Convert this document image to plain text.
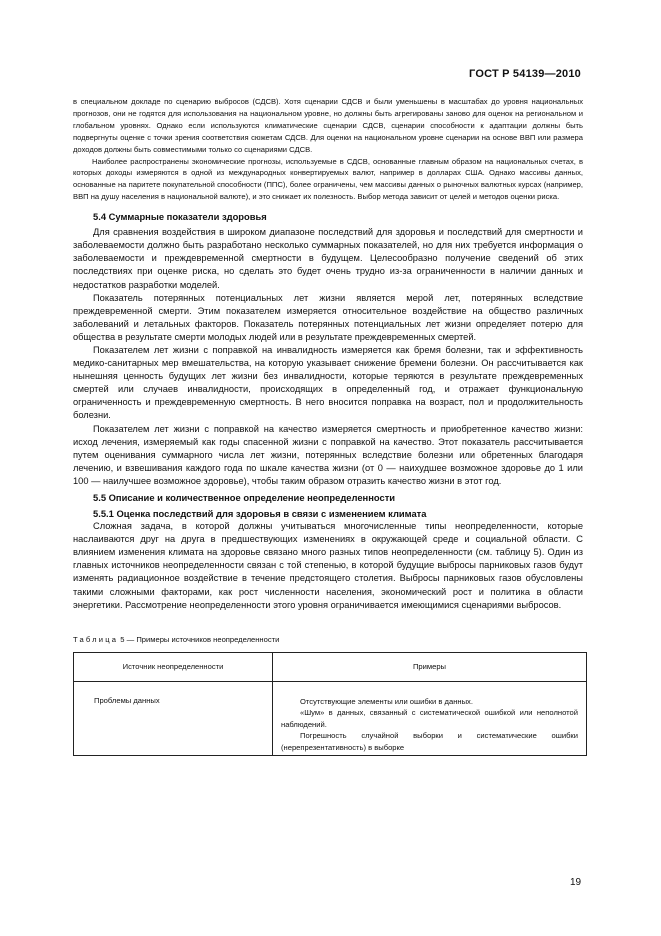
ГОСТ Р 54139—2010

в специальном докладе по сценарию выбросов (СДСВ). Хотя сценарии СДСВ и были уменьшены в масштабах до уровня национальных прогнозов, они не годятся для использования на национальном уровне, но должны быть агрегированы заново для оценок на региональном и глобальном уровнях. Однако если используются климатические сценарии СДСВ, сценарии способности к адаптации должны быть подвергнуты оценке с точки зрения соответствия сюжетам СДСВ. Для оценки на национальном уровне сценарии на основе ВВП или размера доходов должны быть совместимыми только со сценариями СДСВ.

Наиболее распространены экономические прогнозы, используемые в СДСВ, основанные главным образом на национальных счетах, в которых доходы измеряются в одной из международных конвертируемых валют, например в долларах США. Однако массивы данных, основанные на паритете покупательной способности (ППС), более ограничены, чем массивы данных о рыночных валютных курсах (например, ВВП на душу населения в национальной валюте), и это снижает их полезность. Выбор метода зависит от целей и методов оценки риска.

5.4 Суммарные показатели здоровья

Для сравнения воздействия в широком диапазоне последствий для здоровья и последствий для смертности и заболеваемости должно быть разработано несколько суммарных показателей, но для них требуется информация о заболеваемости и преждевременной смертности в будущем. Целесообразно получение сведений об этих последствиях при оценке риска, но сделать это будет очень трудно из-за ограниченности в наличии данных и недостатков разработки моделей.

Показатель потерянных потенциальных лет жизни является мерой лет, потерянных вследствие преждевременной смерти. Этим показателем измеряется относительное воздействие на общество различных заболеваний и летальных факторов. Показатель потерянных потенциальных лет жизни определяет потерю для общества в результате смерти молодых людей или в результате преждевременных смертей.

Показателем лет жизни с поправкой на инвалидность измеряется как бремя болезни, так и эффективность медико-санитарных мер вмешательства, на которую указывает снижение бремени болезни. Он рассчитывается как нынешняя ценность будущих лет жизни без инвалидности, которые теряются в результате преждевременных смертей или случаев инвалидности, происходящих в определенный год, и отражает функциональную ограниченность и преждевременную смертность. В него вносится поправка на возраст, пол и продолжительность болезни.

Показателем лет жизни с поправкой на качество измеряется смертность и приобретенное качество жизни: исход лечения, измеряемый как годы спасенной жизни с поправкой на качество. Этот показатель рассчитывается путем оценивания суммарного числа лет жизни, потерянных вследствие болезни или обретенных благодаря лечению, и взвешивания каждого года по шкале качества жизни (от 0 — наихудшее возможное здоровье до 1 или 100 — наилучшее возможное здоровье), чтобы таким образом отразить качество жизни в этот год.

5.5 Описание и количественное определение неопределенности

5.5.1 Оценка последствий для здоровья в связи с изменением климата

Сложная задача, в которой должны учитываться многочисленные типы неопределенности, которые наслаиваются друг на друга в предшествующих изменениях в окружающей среде и социальной области. С влиянием изменения климата на здоровье связано много разных типов неопределенности (см. таблицу 5). Один из главных источников неопределенности связан с той степенью, в которой будущие выбросы парниковых газов будут изменять радиационное воздействие в течение предстоящего столетия. Выбросы парниковых газов обусловлены такими сложными факторами, как рост численности населения, экономический рост и политика в области энергетики. Рассмотрение неопределенности этого уровня ограничивается имеющимися сценариями выбросов.

Таблица 5 — Примеры источников неопределенности

Источник неопределенности	Примеры
Проблемы данных	Отсутствующие элементы или ошибки в данных.

«Шум» в данных, связанный с систематической ошибкой или неполнотой наблюдений.

Погрешность случайной выборки и систематические ошибки (нерепрезентативность) в выборке

19
